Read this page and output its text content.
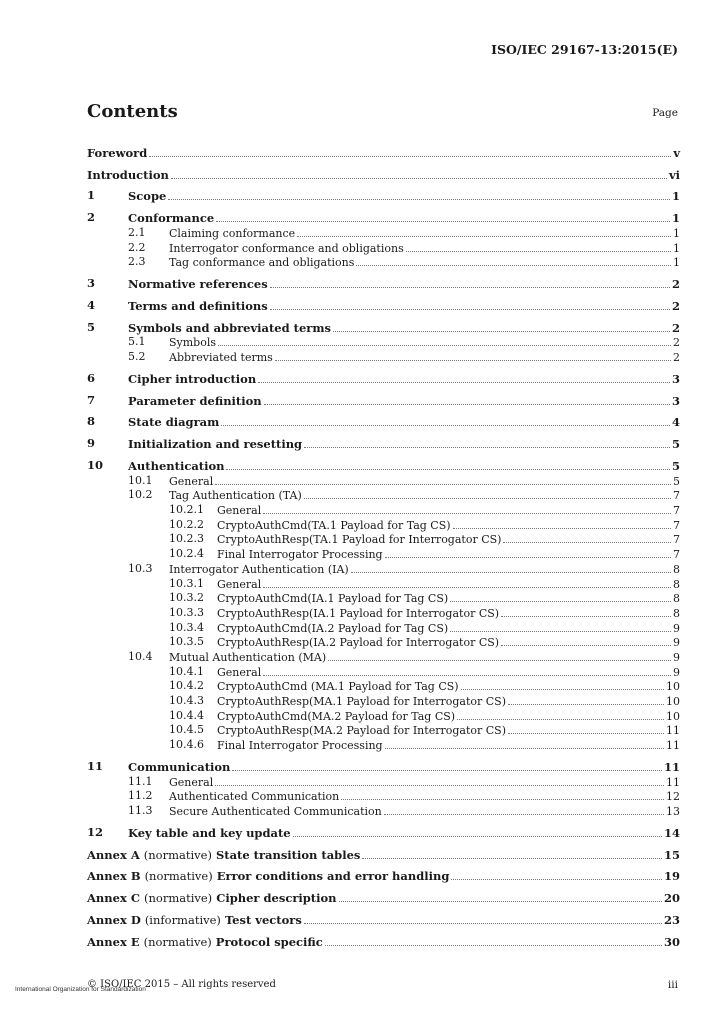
ISO/IEC 29167-13:2015(E)
Contents	Page
Foreword	v
Introduction	vi
1	Scope	1
2	Conformance	1
2.1 Claiming conformance	1
2.2 Interrogator conformance and obligations	1
2.3 Tag conformance and obligations	1
3	Normative references	2
4	Terms and definitions	2
5	Symbols and abbreviated terms	2
5.1 Symbols	2
5.2 Abbreviated terms	2
6	Cipher introduction	3
7	Parameter definition	3
8	State diagram	4
9	Initialization and resetting	5
10 Authentication	5
10.1 General	5
10.2 Tag Authentication (TA)	7
10.2.1 General	7
10.2.2 CryptoAuthCmd(TA.1 Payload for Tag CS)	7
10.2.3 CryptoAuthResp(TA.1 Payload for Interrogator CS)	7
10.2.4 Final Interrogator Processing	7
10.3 Interrogator Authentication (IA)	8
10.3.1 General	8
10.3.2 CryptoAuthCmd(IA.1 Payload for Tag CS)	8
10.3.3 CryptoAuthResp(IA.1 Payload for Interrogator CS)	8
10.3.4 CryptoAuthCmd(IA.2 Payload for Tag CS)	9
10.3.5 CryptoAuthResp(IA.2 Payload for Interrogator CS)	9
10.4 Mutual Authentication (MA)	9
10.4.1 General	9
10.4.2 CryptoAuthCmd (MA.1 Payload for Tag CS)	10
10.4.3 CryptoAuthResp(MA.1 Payload for Interrogator CS)	10
10.4.4 CryptoAuthCmd(MA.2 Payload for Tag CS)	10
10.4.5 CryptoAuthResp(MA.2 Payload for Interrogator CS)	11
10.4.6 Final Interrogator Processing	11
11 Communication	11
11.1 General	11
11.2 Authenticated Communication	12
11.3 Secure Authenticated Communication	13
12 Key table and key update	14
Annex A (normative) State transition tables	15
Annex B (normative) Error conditions and error handling	19
Annex C (normative) Cipher description	20
Annex D (informative) Test vectors	23
Annex E (normative) Protocol specific	30
International Organization for Standardization
© ISO/IEC 2015 – All rights reserved	iii
